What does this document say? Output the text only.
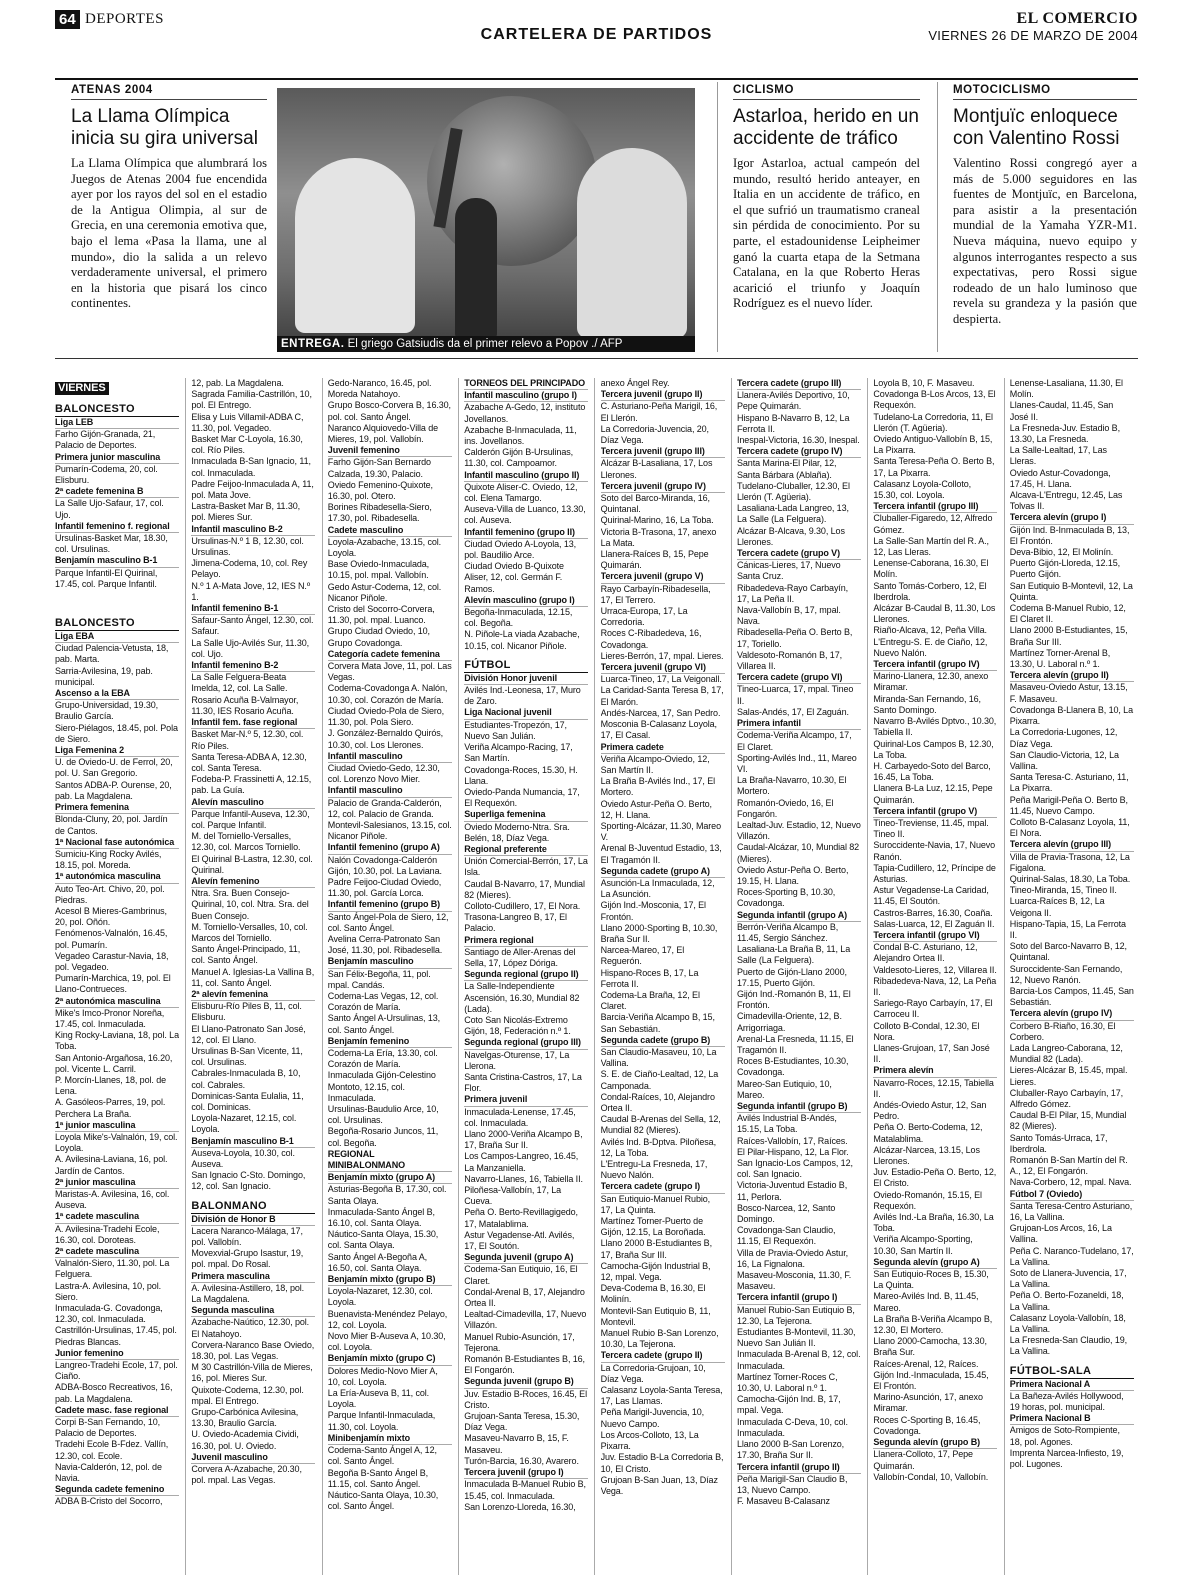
64 DEPORTES
CARTELERA DE PARTIDOS
EL COMERCIO
VIERNES 26 DE MARZO DE 2004
ATENAS 2004
La Llama Olímpica inicia su gira universal

La Llama Olímpica que alumbrará los Juegos de Atenas 2004 fue encendida ayer por los rayos del sol en el estadio de la Antigua Olimpia, al sur de Grecia, en una ceremonia emotiva que, bajo el lema «Pasa la llama, une al mundo», dio la salida a un relevo verdaderamente universal, el primero en la historia que pisará los cinco continentes.

ENTREGA. El griego Gatsiudis da el primer relevo a Popov ./ AFP
CICLISMO
Astarloa, herido en un accidente de tráfico

Igor Astarloa, actual campeón del mundo, resultó herido anteayer, en Italia en un accidente de tráfico, en el que sufrió un traumatismo craneal sin pérdida de conocimiento. Por su parte, el estadounidense Leipheimer ganó la cuarta etapa de la Setmana Catalana, en la que Roberto Heras acarició el triunfo y Joaquín Rodríguez es el nuevo líder.

MOTOCICLISMO
Montjuïc enloquece con Valentino Rossi

Valentino Rossi congregó ayer a más de 5.000 seguidores en las fuentes de Montjuïc, en Barcelona, para asistir a la presentación mundial de la Yamaha YZR-M1. Nueva máquina, nuevo equipo y algunos interrogantes respecto a sus expectativas, pero Rossi sigue rodeado de un halo luminoso que revela su grandeza y la pasión que despierta.

VIERNES
BALONCESTO
Liga LEB
Farho Gijón-Granada, 21, Palacio de Deportes.
Primera junior masculina
Pumarín-Codema, 20, col. Elisburu.
2ª cadete femenina B
La Salle Ujo-Safaur, 17, col. Ujo.
Infantil femenino f. regional
Ursulinas-Basket Mar, 18.30, col. Ursulinas.
Benjamín masculino B-1
Parque Infantil-El Quirinal, 17.45, col. Parque Infantil.
BALONCESTO
Liga EBA
Ciudad Palencia-Vetusta, 18, pab. Marta.
Sarria-Avilesina, 19, pab. municipal.
Ascenso a la EBA
Grupo-Universidad, 19.30, Braulio García.
Siero-Piélagos, 18.45, pol. Pola de Siero.
Liga Femenina 2
U. de Oviedo-U. de Ferrol, 20, pol. U. San Gregorio.
Santos ADBA-P. Ourense, 20, pab. La Magdalena.
Primera femenina
Blonda-Cluny, 20, pol. Jardín de Cantos.
1ª Nacional fase autonómica
Sumiciu-King Rocky Avilés, 18.15, pol. Moreda.
1ª autonómica masculina
Auto Teo-Art. Chivo, 20, pol. Piedras.
Acesol B Mieres-Gambrinus, 20, pol. Oñón.
Fenómenos-Valnalón, 16.45, pol. Pumarín.
Vegadeo Carastur-Navia, 18, pol. Vegadeo.
Pumarín-Marchica, 19, pol. El Llano-Contrueces.
2ª autonómica masculina
Mike's Imco-Pronor Noreña, 17.45, col. Inmaculada.
King Rocky-Laviana, 18, pol. La Toba.
San Antonio-Argañosa, 16.20, pol. Vicente L. Carril.
P. Morcín-Llanes, 18, pol. de Lena.
A. Gasóleos-Parres, 19, pol. Perchera La Braña.
1ª junior masculina
Loyola Mike's-Valnalón, 19, col. Loyola.
A. Avilesina-Laviana, 16, pol. Jardín de Cantos.
2ª junior masculina
Maristas-A. Avilesina, 16, col. Auseva.
1ª cadete masculina
A. Avilesina-Tradehi Ecole, 16.30, col. Doroteas.
2ª cadete masculina
Valnalón-Siero, 11.30, pol. La Felguera.
Lastra-A. Avilesina, 10, pol. Siero.
Inmaculada-G. Covadonga, 12.30, col. Inmaculada.
Castrillón-Ursulinas, 17.45, pol. Piedras Blancas.
Junior femenino
Langreo-Tradehi Ecole, 17, pol. Ciaño.
ADBA-Bosco Recreativos, 16, pab. La Magdalena.
Cadete masc. fase regional
Corpi B-San Fernando, 10, Palacio de Deportes.
Tradehi Ecole B-Fdez. Vallín, 12.30, col. Ecole.
Navia-Calderón, 12, pol. de Navia.
Segunda cadete femenino
ADBA B-Cristo del Socorro,
12, pab. La Magdalena.
Sagrada Familia-Castrillón, 10, pol. El Entrego.
Elisa y Luis Villamil-ADBA C, 11.30, pol. Vegadeo.
Basket Mar C-Loyola, 16.30, col. Río Piles.
Inmaculada B-San Ignacio, 11, col. Inmaculada.
Padre Feijoo-Inmaculada A, 11, pol. Mata Jove.
Lastra-Basket Mar B, 11.30, pol. Mieres Sur.
Infantil masculino B-2
Ursulinas-N.º 1 B, 12.30, col. Ursulinas.
Jimena-Codema, 10, col. Rey Pelayo.
N.º 1 A-Mata Jove, 12, IES N.º 1.
Infantil femenino B-1
Safaur-Santo Ángel, 12.30, col. Safaur.
La Salle Ujo-Avilés Sur, 11.30, col. Ujo.
Infantil femenino B-2
La Salle Felguera-Beata Imelda, 12, col. La Salle.
Rosario Acuña B-Valmayor, 11.30, IES Rosario Acuña.
Infantil fem. fase regional
Basket Mar-N.º 5, 12.30, col. Río Piles.
Santa Teresa-ADBA A, 12.30, col. Santa Teresa.
Fodeba-P. Frassinetti A, 12.15, pab. La Guía.
Alevín masculino
Parque Infantil-Auseva, 12.30, col. Parque Infantil.
M. del Torniello-Versalles, 12.30, col. Marcos Torniello.
El Quirinal B-Lastra, 12.30, col. Quirinal.
Alevín femenino
Ntra. Sra. Buen Consejo-Quirinal, 10, col. Ntra. Sra. del Buen Consejo.
M. Torniello-Versalles, 10, col. Marcos del Torniello.
Santo Ángel-Principado, 11, col. Santo Ángel.
Manuel A. Iglesias-La Vallina B, 11, col. Santo Ángel.
2ª alevín femenina
Elisburu-Río Piles B, 11, col. Elisburu.
El Llano-Patronato San José, 12, col. El Llano.
Ursulinas B-San Vicente, 11, col. Ursulinas.
Cabrales-Inmaculada B, 10, col. Cabrales.
Dominicas-Santa Eulalia, 11, col. Dominicas.
Loyola-Nazaret, 12.15, col. Loyola.
Benjamín masculino B-1
Auseva-Loyola, 10.30, col. Auseva.
San Ignacio C-Sto. Domingo, 12, col. San Ignacio.
BALONMANO
División de Honor B
Lacera Naranco-Málaga, 17, pol. Vallobín.
Movexvial-Grupo Isastur, 19, pol. mpal. Do Rosal.
Primera masculina
A. Avilesina-Astillero, 18, pol. La Magdalena.
Segunda masculina
Azabache-Naútico, 12.30, pol. El Natahoyo.
Corvera-Naranco Base Oviedo, 18.30, pol. Las Vegas.
M 30 Castrillón-Villa de Mieres, 16, pol. Mieres Sur.
Quixote-Codema, 12.30, pol. mpal. El Entrego.
Grupo-Carbónica Avilesina, 13.30, Braulio García.
U. Oviedo-Academia Cividi, 16.30, pol. U. Oviedo.
Juvenil masculino
Corvera A-Azabache, 20.30, pol. mpal. Las Vegas.
Gedo-Naranco, 16.45, pol. Moreda Natahoyo.
Grupo Bosco-Corvera B, 16.30, pol. col. Santo Ángel.
Naranco Alquiovedo-Villa de Mieres, 19, pol. Vallobín.
Juvenil femenino
Farho Gijón-San Bernardo Calzada, 19.30, Palacio.
Oviedo Femenino-Quixote, 16.30, pol. Otero.
Borines Ribadesella-Siero, 17.30, pol. Ribadesella.
Cadete masculino
Loyola-Azabache, 13.15, col. Loyola.
Base Oviedo-Inmaculada, 10.15, pol. mpal. Vallobín.
Gedo Astur-Codema, 12, col. Nicanor Piñole.
Cristo del Socorro-Corvera, 11.30, pol. mpal. Luanco.
Grupo Ciudad Oviedo, 10, Grupo Covadonga.
Categoría cadete femenina
Corvera Mata Jove, 11, pol. Las Vegas.
Codema-Covadonga A. Nalón, 10.30, col. Corazón de María.
Ciudad Oviedo-Pola de Siero, 11.30, pol. Pola Siero.
J. González-Bernaldo Quirós, 10.30, col. Los Llerones.
Infantil masculino
Ciudad Oviedo-Gedo, 12.30, col. Lorenzo Novo Mier.
Infantil masculino
Palacio de Granda-Calderón, 12, col. Palacio de Granda.
Montevil-Salesianos, 13.15, col. Nicanor Piñole.
Infantil femenino (grupo A)
Nalón Covadonga-Calderón Gijón, 10.30, pol. La Laviana.
Padre Feijoo-Ciudad Oviedo, 11.30, pol. García Lorca.
Infantil femenino (grupo B)
Santo Ángel-Pola de Siero, 12, col. Santo Ángel.
Avelina Cerra-Patronato San José, 11.30, pol. Ribadesella.
Benjamín masculino
San Félix-Begoña, 11, pol. mpal. Candás.
Codema-Las Vegas, 12, col. Corazón de María.
Santo Ángel A-Ursulinas, 13, col. Santo Ángel.
Benjamín femenino
Codema-La Ería, 13.30, col. Corazón de María.
Inmaculada Gijón-Celestino Montoto, 12.15, col. Inmaculada.
Ursulinas-Baudulio Arce, 10, col. Ursulinas.
Begoña-Rosario Juncos, 11, col. Begoña.
REGIONAL MINIBALONMANO
Benjamín mixto (grupo A)
Asturias-Begoña B, 17.30, col. Santa Olaya.
Inmaculada-Santo Ángel B, 16.10, col. Santa Olaya.
Náutico-Santa Olaya, 15.30, col. Santa Olaya.
Santo Ángel A-Begoña A, 16.50, col. Santa Olaya.
Benjamín mixto (grupo B)
Loyola-Nazaret, 12.30, col. Loyola.
Buenavista-Menéndez Pelayo, 12, col. Loyola.
Novo Mier B-Auseva A, 10.30, col. Loyola.
Benjamín mixto (grupo C)
Dolores Medio-Novo Mier A, 10, col. Loyola.
La Ería-Auseva B, 11, col. Loyola.
Parque Infantil-Inmaculada, 11.30, col. Loyola.
Minibenjamín mixto
Codema-Santo Ángel A, 12, col. Santo Ángel.
Begoña B-Santo Ángel B, 11.15, col. Santo Ángel.
Náutico-Santa Olaya, 10.30, col. Santo Ángel.
TORNEOS DEL PRINCIPADO
Infantil masculino (grupo I)
Azabache A-Gedo, 12, instituto Jovellanos.
Azabache B-Inmaculada, 11, ins. Jovellanos.
Calderón Gijón B-Ursulinas, 11.30, col. Campoamor.
Infantil masculino (grupo II)
Quixote Aliser-C. Oviedo, 12, col. Elena Tamargo.
Auseva-Villa de Luanco, 13.30, col. Auseva.
Infantil femenino (grupo II)
Ciudad Oviedo A-Loyola, 13, pol. Baudilio Arce.
Ciudad Oviedo B-Quixote Aliser, 12, col. Germán F. Ramos.
Alevín masculino (grupo I)
Begoña-Inmaculada, 12.15, col. Begoña.
N. Piñole-La viada Azabache, 10.15, col. Nicanor Piñole.
FÚTBOL
División Honor juvenil
Avilés Ind.-Leonesa, 17, Muro de Zaro.
Liga Nacional juvenil
Estudiantes-Tropezón, 17, Nuevo San Julián.
Veriña Alcampo-Racing, 17, San Martín.
Covadonga-Roces, 15.30, H. Llana.
Oviedo-Panda Numancia, 17, El Requexón.
Superliga femenina
Oviedo Moderno-Ntra. Sra. Belén, 18, Díaz Vega.
Regional preferente
Unión Comercial-Berrón, 17, La Isla.
Caudal B-Navarro, 17, Mundial 82 (Mieres).
Colloto-Cudillero, 17, El Nora.
Trasona-Langreo B, 17, El Palacio.
Primera regional
Santiago de Aller-Arenas del Sella, 17, López Dóriga.
Segunda regional (grupo II)
La Salle-Independiente Ascensión, 16.30, Mundial 82 (Lada).
Coto San Nicolás-Extremo Gijón, 18, Federación n.º 1.
Segunda regional (grupo III)
Navelgas-Oturense, 17, La Llerona.
Santa Cristina-Castros, 17, La Flor.
Primera juvenil
Inmaculada-Lenense, 17.45, col. Inmaculada.
Llano 2000-Veriña Alcampo B, 17, Braña Sur II.
Los Campos-Langreo, 16.45, La Manzaniella.
Navarro-Llanes, 16, Tabiella II.
Piloñesa-Vallobín, 17, La Cueva.
Peña O. Berto-Revillagigedo, 17, Matalablima.
Astur Vegadense-Atl. Avilés, 17, El Soutón.
Segunda juvenil (grupo A)
Codema-San Eutiquio, 16, El Claret.
Condal-Arenal B, 17, Alejandro Ortea II.
Lealtad-Cimadevilla, 17, Nuevo Villazón.
Manuel Rubio-Asunción, 17, Tejerona.
Romanón B-Estudiantes B, 16, El Fongarón.
Segunda juvenil (grupo B)
Juv. Estadio B-Roces, 16.45, El Cristo.
Grujoan-Santa Teresa, 15.30, Díaz Vega.
Masaveu-Navarro B, 15, F. Masaveu.
Turón-Barcia, 16.30, Avarero.
Tercera juvenil (grupo I)
Inmaculada B-Manuel Rubio B, 15.45, col. Inmaculada.
San Lorenzo-Lloreda, 16.30,
anexo Ángel Rey.
Tercera juvenil (grupo II)
C. Asturiano-Peña Marigil, 16, El Llerón.
La Corredoria-Juvencia, 20, Díaz Vega.
Tercera juvenil (grupo III)
Alcázar B-Lasaliana, 17, Los Llerones.
Tercera juvenil (grupo IV)
Soto del Barco-Miranda, 16, Quintanal.
Quirinal-Marino, 16, La Toba.
Victoria B-Trasona, 17, anexo La Mata.
Llanera-Raíces B, 15, Pepe Quimarán.
Tercera juvenil (grupo V)
Rayo Carbayín-Ribadesella, 17, El Terrero.
Urraca-Europa, 17, La Corredoria.
Roces C-Ribadedeva, 16, Covadonga.
Lieres-Berrón, 17, mpal. Lieres.
Tercera juvenil (grupo VI)
Luarca-Tineo, 17, La Veigonall.
La Caridad-Santa Teresa B, 17, El Marón.
Andés-Narcea, 17, San Pedro.
Mosconia B-Calasanz Loyola, 17, El Casal.
Primera cadete
Veriña Alcampo-Oviedo, 12, San Martín II.
La Braña B-Avilés Ind., 17, El Mortero.
Oviedo Astur-Peña O. Berto, 12, H. Llana.
Sporting-Alcázar, 11.30, Mareo V.
Arenal B-Juventud Estadio, 13, El Tragamón II.
Segunda cadete (grupo A)
Asunción-La Inmaculada, 12, La Asunción.
Gijón Ind.-Mosconia, 17, El Frontón.
Llano 2000-Sporting B, 10.30, Braña Sur II.
Narcea-Mareo, 17, El Reguerón.
Hispano-Roces B, 17, La Ferrota II.
Codema-La Braña, 12, El Claret.
Barcia-Veriña Alcampo B, 15, San Sebastián.
Segunda cadete (grupo B)
San Claudio-Masaveu, 10, La Vallina.
S. E. de Ciaño-Lealtad, 12, La Camponada.
Condal-Raíces, 10, Alejandro Ortea II.
Caudal B-Arenas del Sella, 12, Mundial 82 (Mieres).
Avilés Ind. B-Dptva. Piloñesa, 12, La Toba.
L'Entregu-La Fresneda, 17, Nuevo Nalón.
Tercera cadete (grupo I)
San Eutiquio-Manuel Rubio, 17, La Quinta.
Martínez Torner-Puerto de Gijón, 12.15, La Boroñada.
Llano 2000 B-Estudiantes B, 17, Braña Sur III.
Camocha-Gijón Industrial B, 12, mpal. Vega.
Deva-Codema B, 16.30, El Molinín.
Montevil-San Eutiquio B, 11, Montevil.
Manuel Rubio B-San Lorenzo, 10.30, La Tejerona.
Tercera cadete (grupo II)
La Corredoria-Grujoan, 10, Díaz Vega.
Calasanz Loyola-Santa Teresa, 17, Las Llamas.
Peña Marigil-Juvencia, 10, Nuevo Campo.
Los Arcos-Colloto, 13, La Pixarra.
Juv. Estadio B-La Corredoria B, 10, El Cristo.
Grujoan B-San Juan, 13, Díaz Vega.
Tercera cadete (grupo III)
Llanera-Avilés Deportivo, 10, Pepe Quimarán.
Hispano B-Navarro B, 12, La Ferrota II.
Inespal-Victoria, 16.30, Inespal.
Tercera cadete (grupo IV)
Santa Marina-El Pilar, 12, Santa Bárbara (Ablaña).
Tudelano-Cluballer, 12.30, El Llerón (T. Agüeria).
Lasaliana-Lada Langreo, 13, La Salle (La Felguera).
Alcázar B-Alcava, 9.30, Los Llerones.
Tercera cadete (grupo V)
Cánicas-Lieres, 17, Nuevo Santa Cruz.
Ribadedeva-Rayo Carbayín, 17, La Peña II.
Nava-Vallobín B, 17, mpal. Nava.
Ribadesella-Peña O. Berto B, 17, Toriello.
Valdesoto-Romanón B, 17, Villarea II.
Tercera cadete (grupo VI)
Tineo-Luarca, 17, mpal. Tineo II.
Salas-Andés, 17, El Zaguán.
Primera infantil
Codema-Veriña Alcampo, 17, El Claret.
Sporting-Avilés Ind., 11, Mareo VI.
La Braña-Navarro, 10.30, El Mortero.
Romanón-Oviedo, 16, El Fongarón.
Lealtad-Juv. Estadio, 12, Nuevo Villazón.
Caudal-Alcázar, 10, Mundial 82 (Mieres).
Oviedo Astur-Peña O. Berto, 19.15, H. Llana.
Roces-Sporting B, 10.30, Covadonga.
Segunda infantil (grupo A)
Berrón-Veriña Alcampo B, 11.45, Sergio Sánchez.
Lasaliana-La Braña B, 11, La Salle (La Felguera).
Puerto de Gijón-Llano 2000, 17.15, Puerto Gijón.
Gijón Ind.-Romanón B, 11, El Frontón.
Cimadevilla-Oriente, 12, B. Arrigorriaga.
Arenal-La Fresneda, 11.15, El Tragamón II.
Roces B-Estudiantes, 10.30, Covadonga.
Mareo-San Eutiquio, 10, Mareo.
Segunda infantil (grupo B)
Avilés Industrial B-Andés, 15.15, La Toba.
Raíces-Vallobín, 17, Raíces.
El Pilar-Hispano, 12, La Flor.
San Ignacio-Los Campos, 12, col. San Ignacio.
Victoria-Juventud Estadio B, 11, Perlora.
Bosco-Narcea, 12, Santo Domingo.
Covadonga-San Claudio, 11.15, El Requexón.
Villa de Pravia-Oviedo Astur, 16, La Fignalona.
Masaveu-Mosconia, 11.30, F. Masaveu.
Tercera infantil (grupo I)
Manuel Rubio-San Eutiquio B, 12.30, La Tejerona.
Estudiantes B-Montevil, 11.30, Nuevo San Julián II.
Inmaculada B-Arenal B, 12, col. Inmaculada.
Martínez Torner-Roces C, 10.30, U. Laboral n.º 1.
Camocha-Gijón Ind. B, 17, mpal. Vega.
Inmaculada C-Deva, 10, col. Inmaculada.
Llano 2000 B-San Lorenzo, 17.30, Braña Sur II.
Tercera infantil (grupo II)
Peña Marigil-San Claudio B, 13, Nuevo Campo.
F. Masaveu B-Calasanz
Loyola B, 10, F. Masaveu.
Covadonga B-Los Arcos, 13, El Requexón.
Tudelano-La Corredoria, 11, El Llerón (T. Agüeria).
Oviedo Antiguo-Vallobín B, 15, La Pixarra.
Santa Teresa-Peña O. Berto B, 17, La Pixarra.
Calasanz Loyola-Colloto, 15.30, col. Loyola.
Tercera infantil (grupo III)
Cluballer-Figaredo, 12, Alfredo Gómez.
La Salle-San Martín del R. A., 12, Las Lleras.
Lenense-Caborana, 16.30, El Molín.
Santo Tomás-Corbero, 12, El Iberdrola.
Alcázar B-Caudal B, 11.30, Los Llerones.
Riaño-Alcava, 12, Peña Villa.
L'Entregu-S. E. de Ciaño, 12, Nuevo Nalón.
Tercera infantil (grupo IV)
Marino-Llanera, 12.30, anexo Miramar.
Miranda-San Fernando, 16, Santo Domingo.
Navarro B-Avilés Dptvo., 10.30, Tabiella II.
Quirinal-Los Campos B, 12.30, La Toba.
H. Carbayedo-Soto del Barco, 16.45, La Toba.
Llanera B-La Luz, 12.15, Pepe Quimarán.
Tercera infantil (grupo V)
Tineo-Treviense, 11.45, mpal. Tineo II.
Suroccidente-Navia, 17, Nuevo Ranón.
Tapia-Cudillero, 12, Príncipe de Asturias.
Astur Vegadense-La Caridad, 11.45, El Soutón.
Castros-Barres, 16.30, Coaña.
Salas-Luarca, 12, El Zaguán II.
Tercera infantil (grupo VI)
Condal B-C. Asturiano, 12, Alejandro Ortea II.
Valdesoto-Lieres, 12, Villarea II.
Ribadedeva-Nava, 12, La Peña II.
Sariego-Rayo Carbayín, 17, El Carroceu II.
Colloto B-Condal, 12.30, El Nora.
Llanes-Grujoan, 17, San José II.
Primera alevín
Navarro-Roces, 12.15, Tabiella II.
Andés-Oviedo Astur, 12, San Pedro.
Peña O. Berto-Codema, 12, Matalablima.
Alcázar-Narcea, 13.15, Los Llerones.
Juv. Estadio-Peña O. Berto, 12, El Cristo.
Oviedo-Romanón, 15.15, El Requexón.
Avilés Ind.-La Braña, 16.30, La Toba.
Veriña Alcampo-Sporting, 10.30, San Martín II.
Segunda alevín (grupo A)
San Eutiquio-Roces B, 15.30, La Quinta.
Mareo-Avilés Ind. B, 11.45, Mareo.
La Braña B-Veriña Alcampo B, 12.30, El Mortero.
Llano 2000-Camocha, 13.30, Braña Sur.
Raíces-Arenal, 12, Raíces.
Gijón Ind.-Inmaculada, 15.45, El Frontón.
Marino-Asunción, 17, anexo Miramar.
Roces C-Sporting B, 16.45, Covadonga.
Segunda alevín (grupo B)
Llanera-Colloto, 17, Pepe Quimarán.
Vallobín-Condal, 10, Vallobín.
Lenense-Lasaliana, 11.30, El Molín.
Llanes-Caudal, 11.45, San José II.
La Fresneda-Juv. Estadio B, 13.30, La Fresneda.
La Salle-Lealtad, 17, Las Lleras.
Oviedo Astur-Covadonga, 17.45, H. Llana.
Alcava-L'Entregu, 12.45, Las Tolvas II.
Tercera alevín (grupo I)
Gijón Ind. B-Inmaculada B, 13, El Frontón.
Deva-Bibio, 12, El Molinín.
Puerto Gijón-Lloreda, 12.15, Puerto Gijón.
San Eutiquio B-Montevil, 12, La Quinta.
Codema B-Manuel Rubio, 12, El Claret II.
Llano 2000 B-Estudiantes, 15, Braña Sur III.
Martínez Torner-Arenal B, 13.30, U. Laboral n.º 1.
Tercera alevín (grupo II)
Masaveu-Oviedo Astur, 13.15, F. Masaveu.
Covadonga B-Llanera B, 10, La Pixarra.
La Corredoria-Lugones, 12, Díaz Vega.
San Claudio-Victoria, 12, La Vallina.
Santa Teresa-C. Asturiano, 11, La Pixarra.
Peña Marigil-Peña O. Berto B, 11.45, Nuevo Campo.
Colloto B-Calasanz Loyola, 11, El Nora.
Tercera alevín (grupo III)
Villa de Pravia-Trasona, 12, La Figalona.
Quirinal-Salas, 18.30, La Toba.
Tineo-Miranda, 15, Tineo II.
Luarca-Raíces B, 12, La Veigona II.
Hispano-Tapia, 15, La Ferrota II.
Soto del Barco-Navarro B, 12, Quintanal.
Suroccidente-San Fernando, 12, Nuevo Ranón.
Barcia-Los Campos, 11.45, San Sebastián.
Tercera alevín (grupo IV)
Corbero B-Riaño, 16.30, El Corbero.
Lada Langreo-Caborana, 12, Mundial 82 (Lada).
Lieres-Alcázar B, 15.45, mpal. Lieres.
Cluballer-Rayo Carbayín, 17, Alfredo Gómez.
Caudal B-El Pilar, 15, Mundial 82 (Mieres).
Santo Tomás-Urraca, 17, Iberdrola.
Romanón B-San Martín del R. A., 12, El Fongarón.
Nava-Corbero, 12, mpal. Nava.
Fútbol 7 (Oviedo)
Santa Teresa-Centro Asturiano, 16, La Vallina.
Grujoan-Los Arcos, 16, La Vallina.
Peña C. Naranco-Tudelano, 17, La Vallina.
Soto de Llanera-Juvencia, 17, La Vallina.
Peña O. Berto-Fozaneldi, 18, La Vallina.
Calasanz Loyola-Vallobín, 18, La Vallina.
La Fresneda-San Claudio, 19, La Vallina.
FÚTBOL-SALA
Primera Nacional A
La Bañeza-Avilés Hollywood, 19 horas, pol. municipal.
Primera Nacional B
Amigos de Soto-Rompiente, 18, pol. Agones.
Imprenta Narcea-Infiesto, 19, pol. Lugones.
